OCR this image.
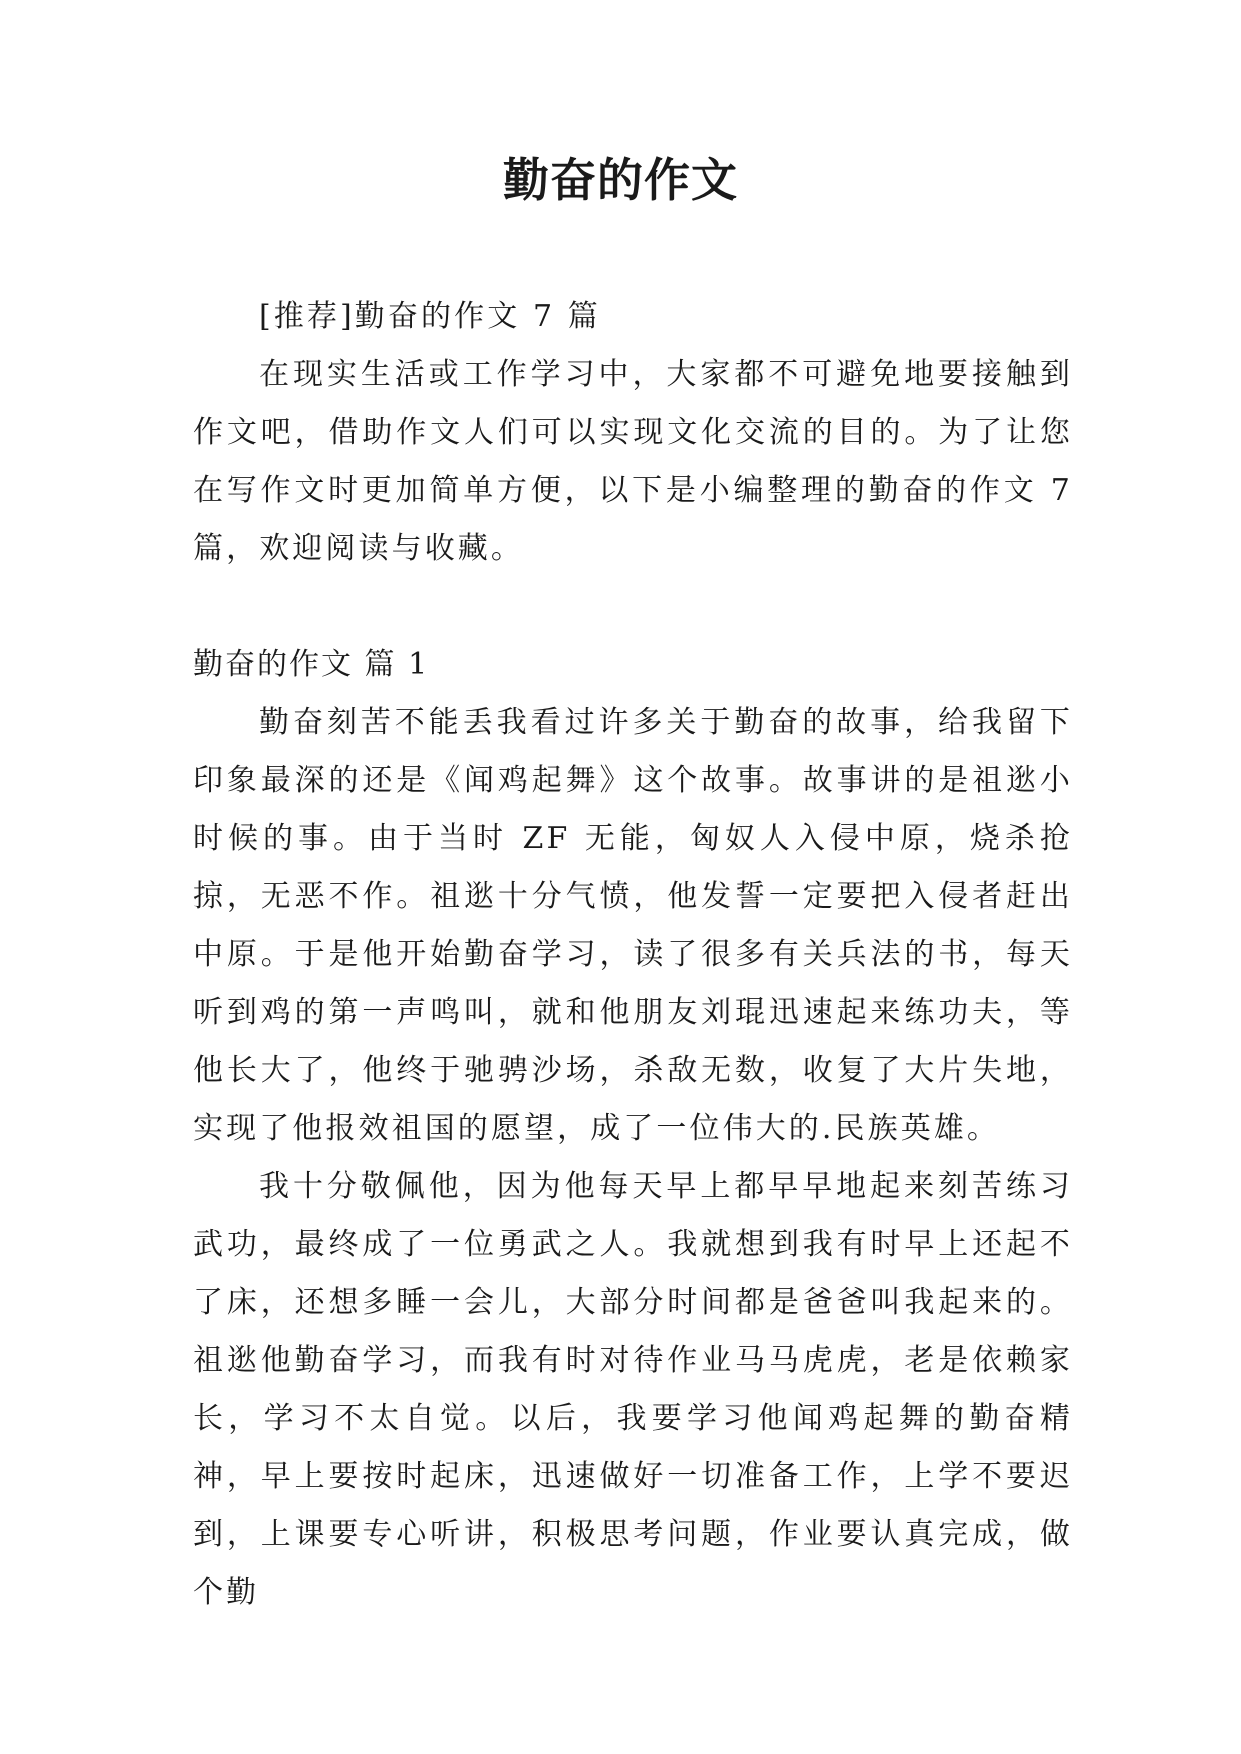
勤奋的作文

[推荐]勤奋的作文 7 篇

在现实生活或工作学习中，大家都不可避免地要接触到作文吧，借助作文人们可以实现文化交流的目的。为了让您在写作文时更加简单方便，以下是小编整理的勤奋的作文 7 篇，欢迎阅读与收藏。

勤奋的作文 篇 1

勤奋刻苦不能丢我看过许多关于勤奋的故事，给我留下印象最深的还是《闻鸡起舞》这个故事。故事讲的是祖逖小时候的事。由于当时 ZF 无能，匈奴人入侵中原，烧杀抢掠，无恶不作。祖逖十分气愤，他发誓一定要把入侵者赶出中原。于是他开始勤奋学习，读了很多有关兵法的书，每天听到鸡的第一声鸣叫，就和他朋友刘琨迅速起来练功夫，等他长大了，他终于驰骋沙场，杀敌无数，收复了大片失地，实现了他报效祖国的愿望，成了一位伟大的.民族英雄。

我十分敬佩他，因为他每天早上都早早地起来刻苦练习武功，最终成了一位勇武之人。我就想到我有时早上还起不了床，还想多睡一会儿，大部分时间都是爸爸叫我起来的。祖逖他勤奋学习，而我有时对待作业马马虎虎，老是依赖家长，学习不太自觉。以后，我要学习他闻鸡起舞的勤奋精神，早上要按时起床，迅速做好一切准备工作，上学不要迟到，上课要专心听讲，积极思考问题，作业要认真完成，做个勤
